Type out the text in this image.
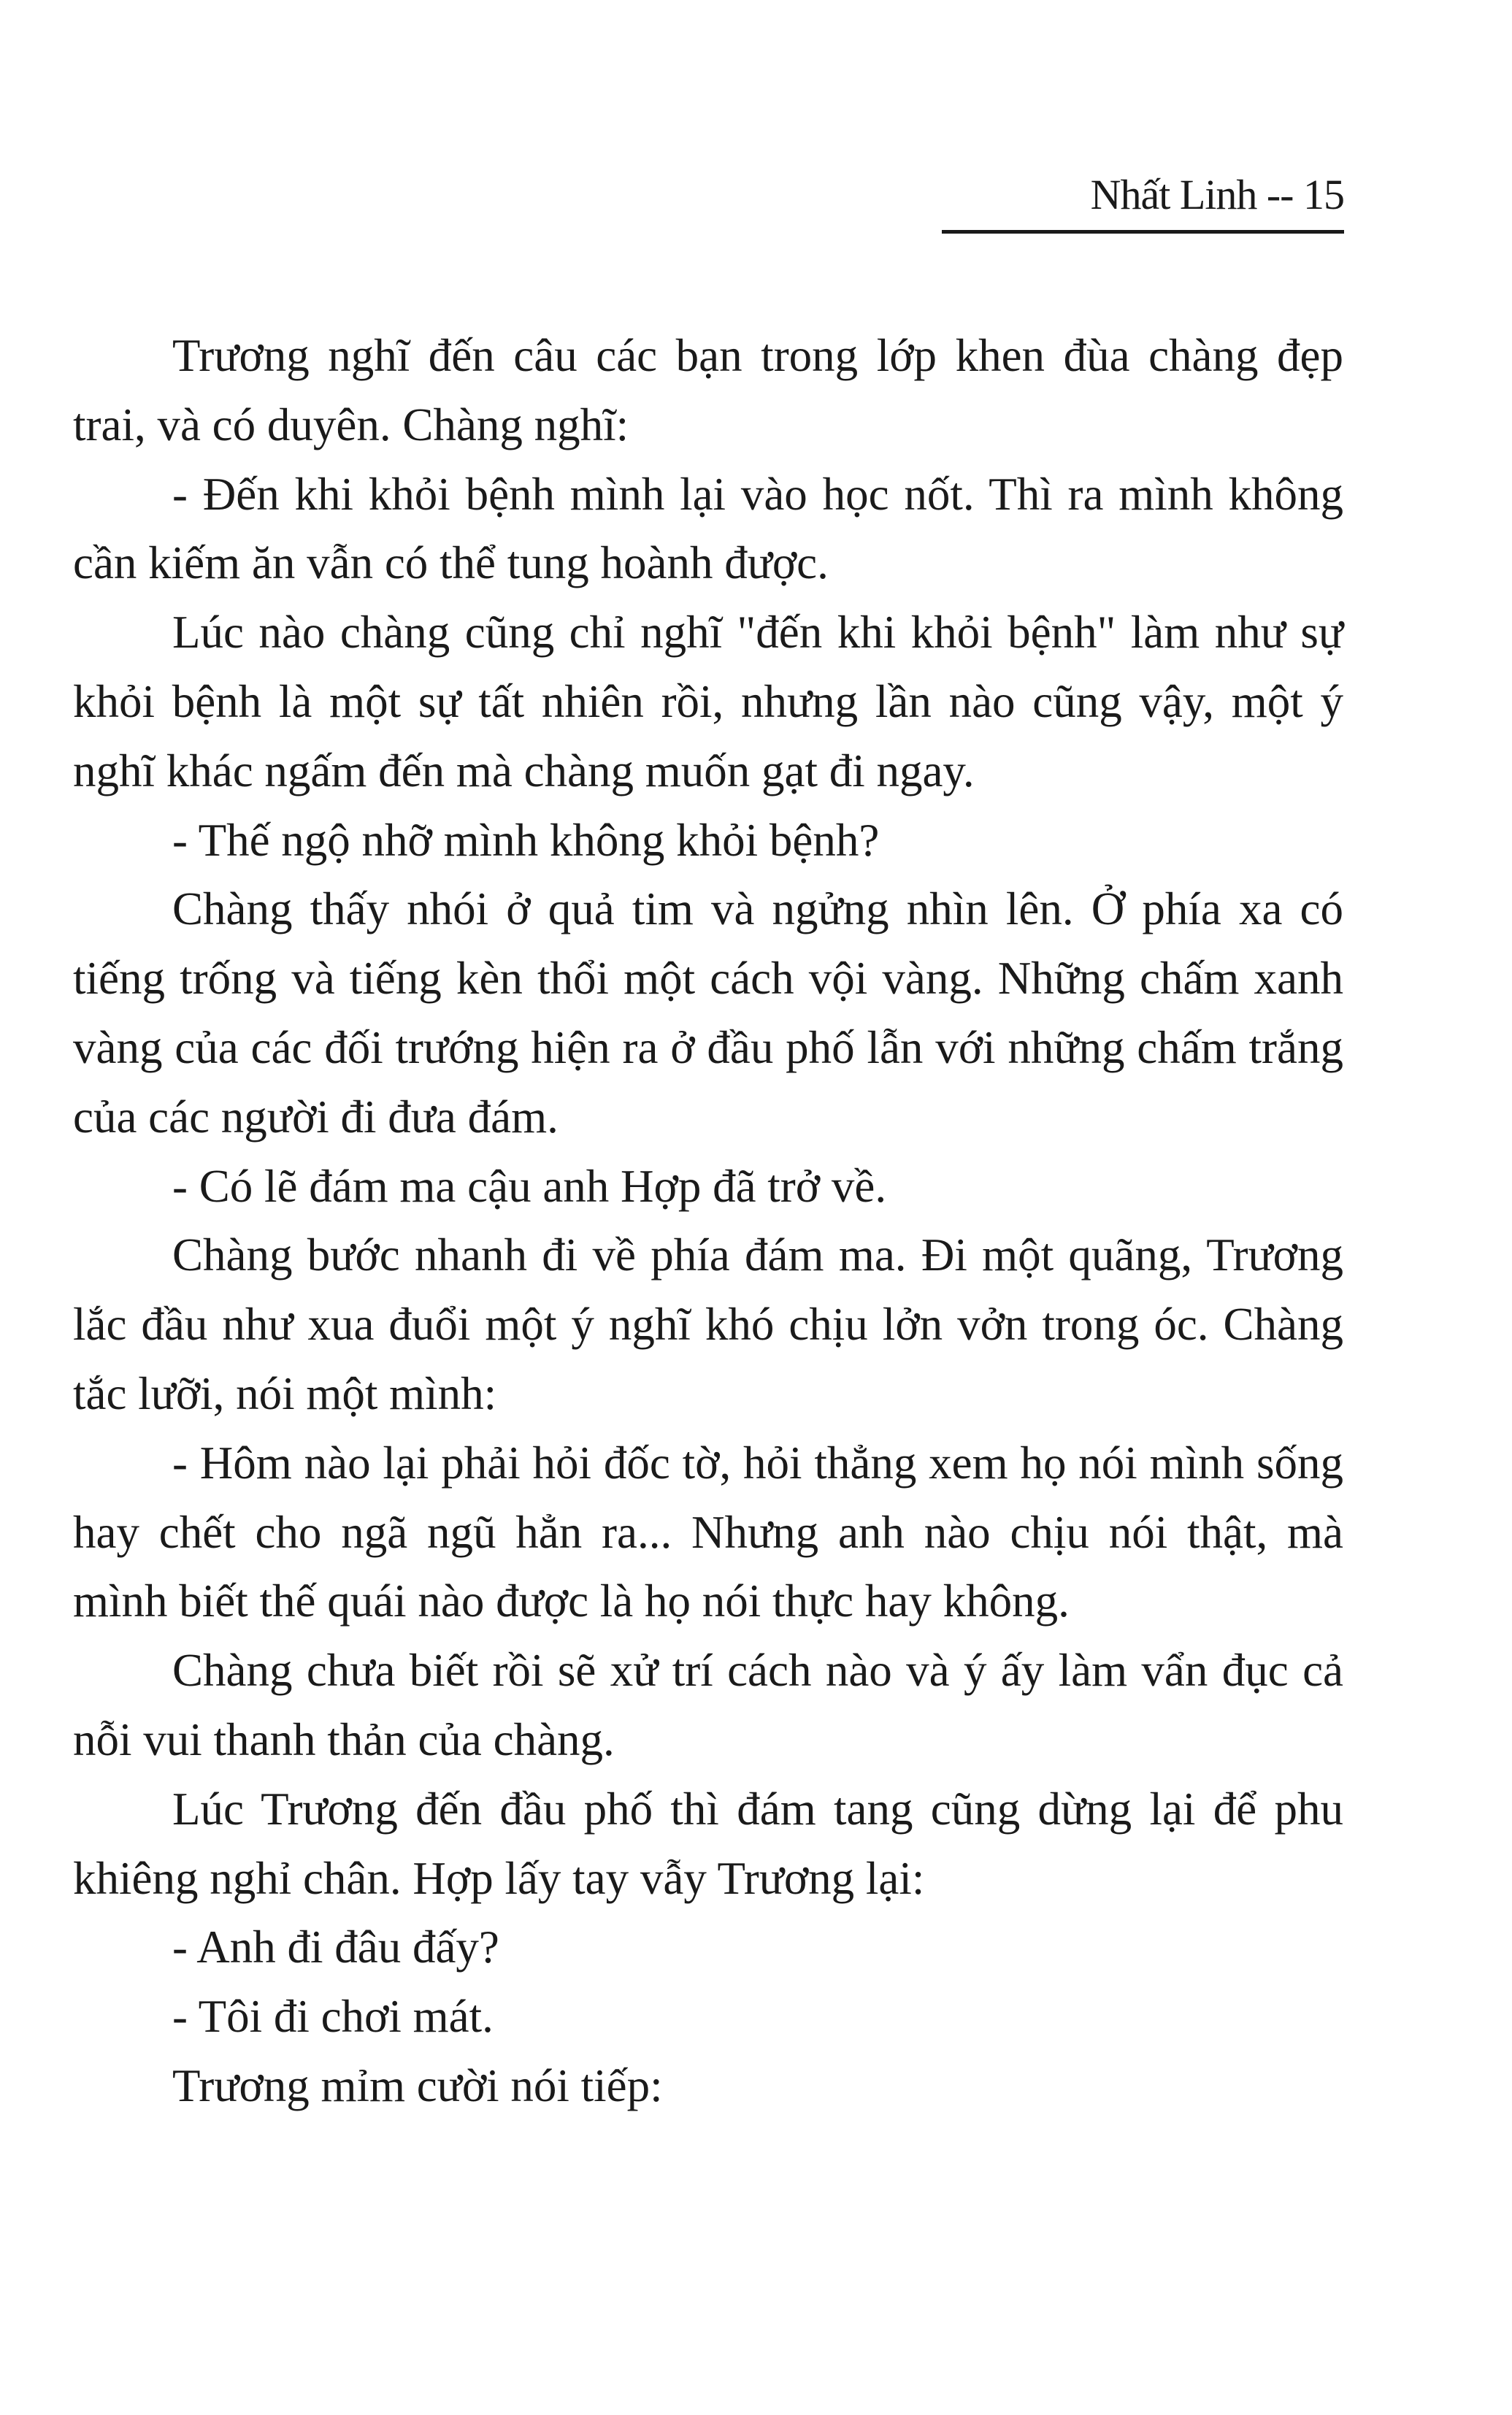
Nhất Linh -- 15

Trương nghĩ đến câu các bạn trong lớp khen đùa chàng đẹp trai, và có duyên. Chàng nghĩ:

- Đến khi khỏi bệnh mình lại vào học nốt. Thì ra mình không cần kiếm ăn vẫn có thể tung hoành được.

Lúc nào chàng cũng chỉ nghĩ "đến khi khỏi bệnh" làm như sự khỏi bệnh là một sự tất nhiên rồi, nhưng lần nào cũng vậy, một ý nghĩ khác ngấm đến mà chàng muốn gạt đi ngay.

- Thế ngộ nhỡ mình không khỏi bệnh?

Chàng thấy nhói ở quả tim và ngửng nhìn lên. Ở phía xa có tiếng trống và tiếng kèn thổi một cách vội vàng. Những chấm xanh vàng của các đối trướng hiện ra ở đầu phố lẫn với những chấm trắng của các người đi đưa đám.

- Có lẽ đám ma cậu anh Hợp đã trở về.

Chàng bước nhanh đi về phía đám ma. Đi một quãng, Trương lắc đầu như xua đuổi một ý nghĩ khó chịu lởn vởn trong óc. Chàng tắc lưỡi, nói một mình:

- Hôm nào lại phải hỏi đốc tờ, hỏi thẳng xem họ nói mình sống hay chết cho ngã ngũ hẳn ra... Nhưng anh nào chịu nói thật, mà mình biết thế quái nào được là họ nói thực hay không.

Chàng chưa biết rồi sẽ xử trí cách nào và ý ấy làm vẩn đục cả nỗi vui thanh thản của chàng.

Lúc Trương đến đầu phố thì đám tang cũng dừng lại để phu khiêng nghỉ chân. Hợp lấy tay vẫy Trương lại:

- Anh đi đâu đấy?

- Tôi đi chơi mát.

Trương mỉm cười nói tiếp:
